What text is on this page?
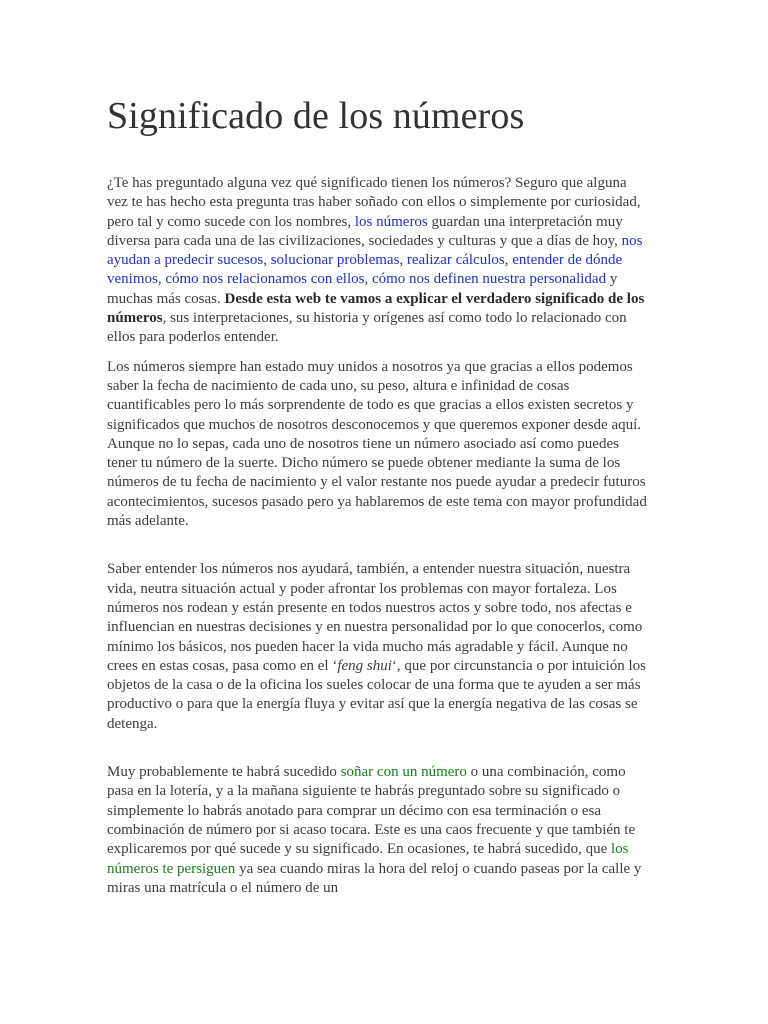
Significado de los números

¿Te has preguntado alguna vez qué significado tienen los números? Seguro que alguna vez te has hecho esta pregunta tras haber soñado con ellos o simplemente por curiosidad, pero tal y como sucede con los nombres, los números guardan una interpretación muy diversa para cada una de las civilizaciones, sociedades y culturas y que a días de hoy, nos ayudan a predecir sucesos, solucionar problemas, realizar cálculos, entender de dónde venimos, cómo nos relacionamos con ellos, cómo nos definen nuestra personalidad y muchas más cosas. Desde esta web te vamos a explicar el verdadero significado de los números, sus interpretaciones, su historia y orígenes así como todo lo relacionado con ellos para poderlos entender.

Los números siempre han estado muy unidos a nosotros ya que gracias a ellos podemos saber la fecha de nacimiento de cada uno, su peso, altura e infinidad de cosas cuantificables pero lo más sorprendente de todo es que gracias a ellos existen secretos y significados que muchos de nosotros desconocemos y que queremos exponer desde aquí. Aunque no lo sepas, cada uno de nosotros tiene un número asociado así como puedes tener tu número de la suerte. Dicho número se puede obtener mediante la suma de los números de tu fecha de nacimiento y el valor restante nos puede ayudar a predecir futuros acontecimientos, sucesos pasado pero ya hablaremos de este tema con mayor profundidad más adelante.

Saber entender los números nos ayudará, también, a entender nuestra situación, nuestra vida, neutra situación actual y poder afrontar los problemas con mayor fortaleza. Los números nos rodean y están presente en todos nuestros actos y sobre todo, nos afectas e influencian en nuestras decisiones y en nuestra personalidad por lo que conocerlos, como mínimo los básicos, nos pueden hacer la vida mucho más agradable y fácil. Aunque no crees en estas cosas, pasa como en el ‘feng shui‘, que por circunstancia o por intuición los objetos de la casa o de la oficina los sueles colocar de una forma que te ayuden a ser más productivo o para que la energía fluya y evitar así que la energía negativa de las cosas se detenga.

Muy probablemente te habrá sucedido soñar con un número o una combinación, como pasa en la lotería, y a la mañana siguiente te habrás preguntado sobre su significado o simplemente lo habrás anotado para comprar un décimo con esa terminación o esa combinación de número por si acaso tocara. Este es una caos frecuente y que también te explicaremos por qué sucede y su significado. En ocasiones, te habrá sucedido, que los números te persiguen ya sea cuando miras la hora del reloj o cuando paseas por la calle y miras una matrícula o el número de un
